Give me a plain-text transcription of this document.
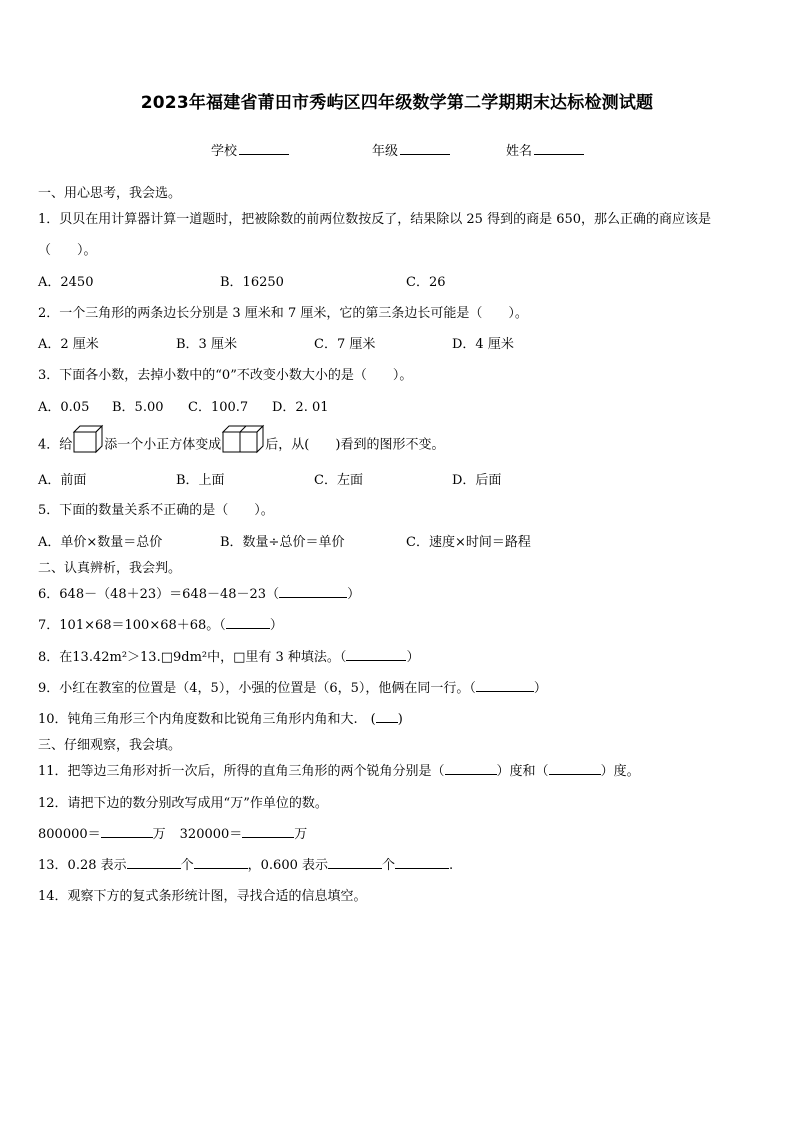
2023年福建省莆田市秀屿区四年级数学第二学期期末达标检测试题
学校	年级	姓名
一、用心思考，我会选。
1．贝贝在用计算器计算一道题时，把被除数的前两位数按反了，结果除以 25 得到的商是 650，那么正确的商应该是
（　　）。
A．2450	B．16250	C．26
2．一个三角形的两条边长分别是 3 厘米和 7 厘米，它的第三条边长可能是（　　）。
A．2 厘米	B．3 厘米	C．7 厘米	D．4 厘米
3．下面各小数，去掉小数中的“0”不改变小数大小的是（　　）。
A．0.05 B．5.00 C．100.7 D．2. 01
4．给 添一个小正方体变成	后，从(　　)看到的图形不变。
A．前面	B．上面	C．左面	D．后面
5．下面的数量关系不正确的是（　　）。
A．单价×数量＝总价	B．数量÷总价＝单价	C．速度×时间＝路程
二、认真辨析，我会判。
6．648－（48＋23）＝648－48－23（	）
7．101×68＝100×68＋68。（	）
8．在13.42m²＞13.□9dm²中，□里有 3 种填法。（	）
9．小红在教室的位置是（4，5），小强的位置是（6，5），他俩在同一行。（	）
10．钝角三角形三个内角度数和比锐角三角形内角和大.　( )
三、仔细观察，我会填。
11．把等边三角形对折一次后，所得的直角三角形的两个锐角分别是（	）度和（	）度。
12．请把下边的数分别改写成用“万”作单位的数。
800000＝	万 320000＝	万
13．0.28 表示	个	，0.600 表示	个	.
14．观察下方的复式条形统计图，寻找合适的信息填空。
